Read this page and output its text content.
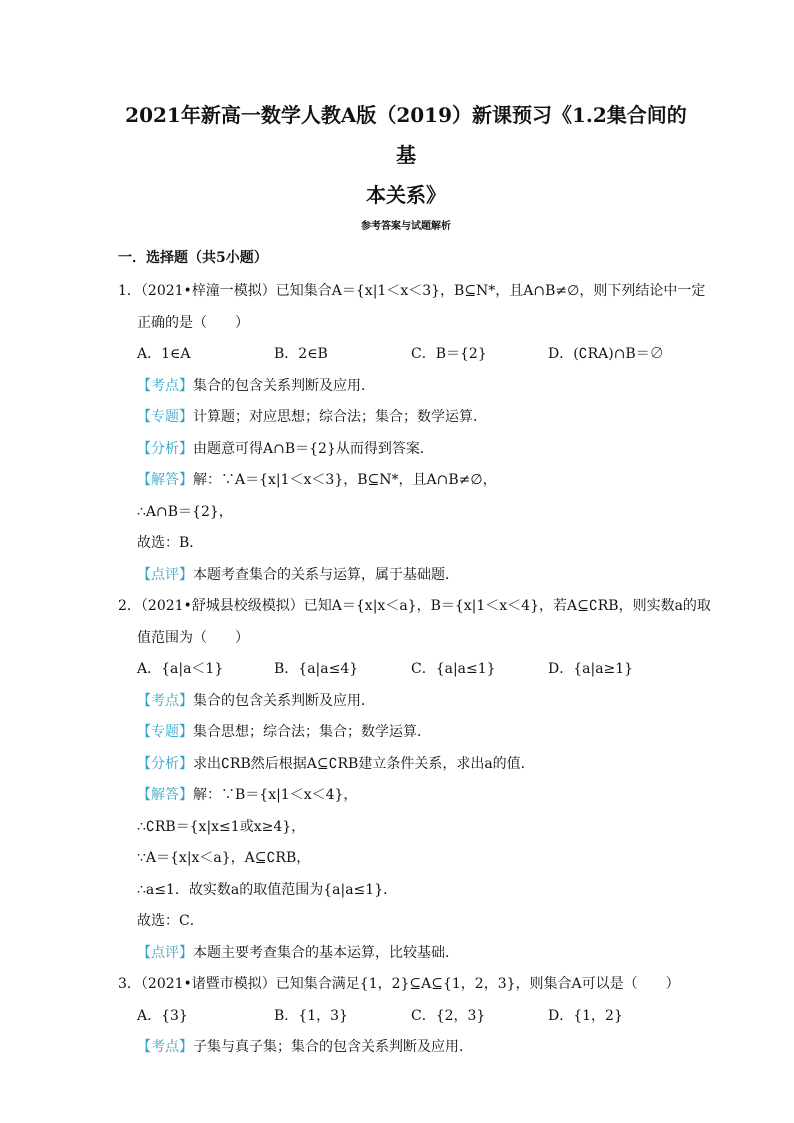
2021年新高一数学人教A版（2019）新课预习《1.2集合间的基
本关系》
参考答案与试题解析
一．选择题（共5小题）
1．（2021•梓潼一模拟）已知集合A＝{x|1＜x＜3}，B⊆N*，且A∩B≠∅，则下列结论中一定
正确的是（　　）
A．1∈A	B．2∈B	C．B＝{2}	D．(∁RA)∩B＝∅
【考点】集合的包含关系判断及应用．
【专题】计算题；对应思想；综合法；集合；数学运算．
【分析】由题意可得A∩B＝{2}从而得到答案．
【解答】解：∵A＝{x|1＜x＜3}，B⊆N*，且A∩B≠∅，
∴A∩B＝{2}，
故选：B．
【点评】本题考查集合的关系与运算，属于基础题．
2．（2021•舒城县校级模拟）已知A＝{x|x＜a}，B＝{x|1＜x＜4}，若A⊆∁RB，则实数a的取
值范围为（　　）
A．{a|a＜1}	B．{a|a≤4}	C．{a|a≤1}	D．{a|a≥1}
【考点】集合的包含关系判断及应用．
【专题】集合思想；综合法；集合；数学运算．
【分析】求出∁RB然后根据A⊆∁RB建立条件关系，求出a的值．
【解答】解：∵B＝{x|1＜x＜4}，
∴∁RB＝{x|x≤1或x≥4}，
∵A＝{x|x＜a}，A⊆∁RB，
∴a≤1．故实数a的取值范围为{a|a≤1}．
故选：C．
【点评】本题主要考查集合的基本运算，比较基础．
3．（2021•诸暨市模拟）已知集合满足{1，2}⊆A⊆{1，2，3}，则集合A可以是（　　）
A．{3}	B．{1，3}	C．{2，3}	D．{1，2}
【考点】子集与真子集；集合的包含关系判断及应用．
